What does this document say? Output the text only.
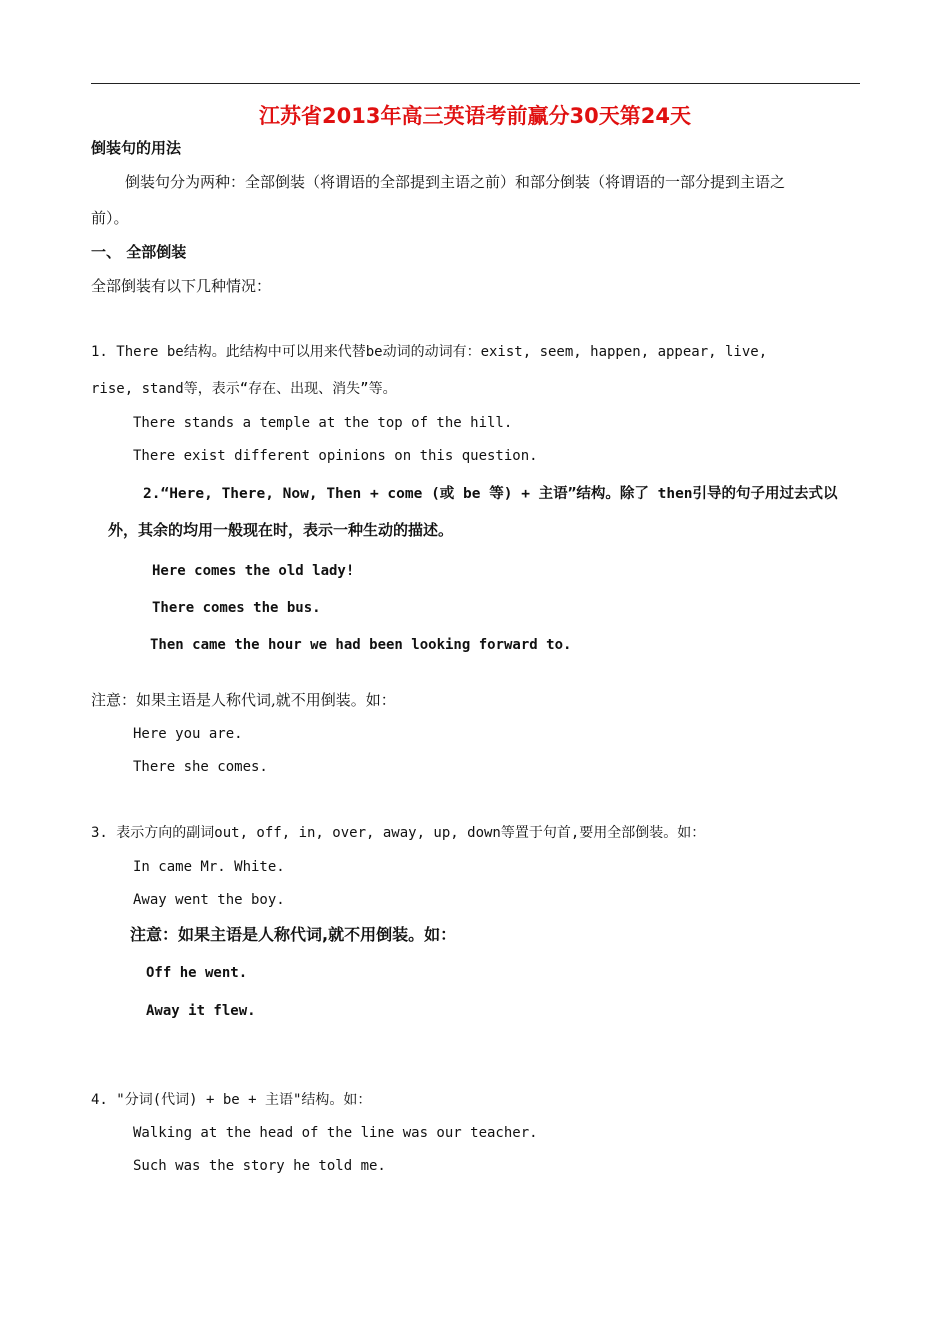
江苏省2013年高三英语考前赢分30天第24天
倒装句的用法
倒装句分为两种：全部倒装（将谓语的全部提到主语之前）和部分倒装（将谓语的一部分提到主语之
前）。
一、 全部倒装
全部倒装有以下几种情况：
1. There be结构。此结构中可以用来代替be动词的动词有：exist, seem, happen, appear, live,
rise, stand等，表示“存在、出现、消失”等。
There stands a temple at the top of the hill.
There exist different opinions on this question.
2.“Here, There, Now, Then + come (或 be 等) + 主语”结构。除了 then引导的句子用过去式以
外，其余的均用一般现在时，表示一种生动的描述。
Here comes the old lady!
There comes the bus.
Then came the hour we had been looking forward to.
注意：如果主语是人称代词,就不用倒装。如：
Here you are.
There she comes.
3. 表示方向的副词out, off, in, over, away, up, down等置于句首,要用全部倒装。如：
In came Mr. White.
Away went the boy.
注意：如果主语是人称代词,就不用倒装。如：
Off he went.
Away it flew.
4. "分词(代词) + be + 主语"结构。如：
Walking at the head of the line was our teacher.
Such was the story he told me.
